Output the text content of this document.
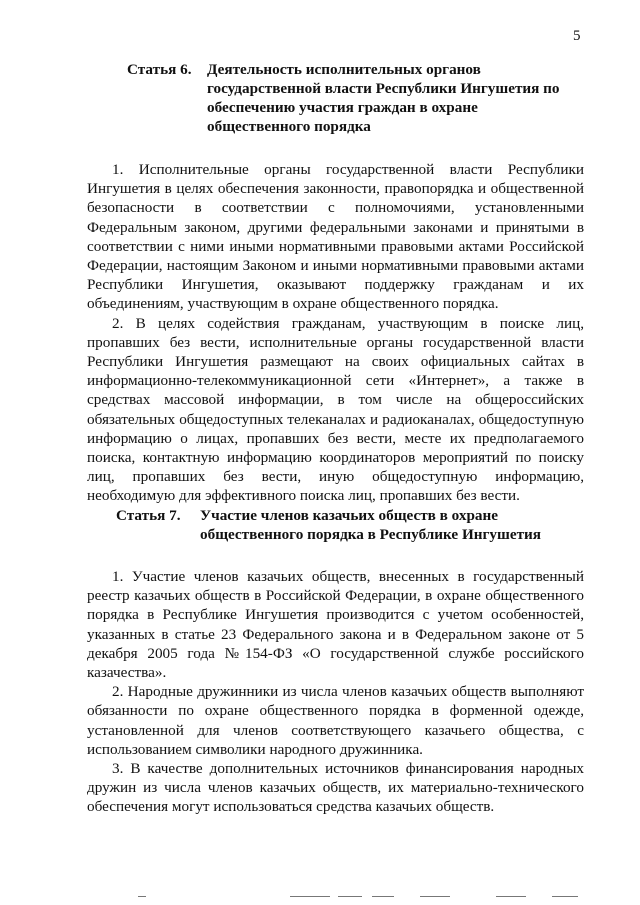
5
Статья 6.	Деятельность исполнительных органов государственной власти Республики Ингушетия по обеспечению участия граждан в охране общественного порядка

1. Исполнительные органы государственной власти Республики Ингушетия в целях обеспечения законности, правопорядка и общественной безопасности в соответствии с полномочиями, установленными Федеральным законом, другими федеральными законами и принятыми в соответствии с ними иными нормативными правовыми актами Российской Федерации, настоящим Законом и иными нормативными правовыми актами Республики Ингушетия, оказывают поддержку гражданам и их объединениям, участвующим в охране общественного порядка.

2. В целях содействия гражданам, участвующим в поиске лиц, пропавших без вести, исполнительные органы государственной власти Республики Ингушетия размещают на своих официальных сайтах в информационно-телекоммуникационной сети «Интернет», а также в средствах массовой информации, в том числе на общероссийских обязательных общедоступных телеканалах и радиоканалах, общедоступную информацию о лицах, пропавших без вести, месте их предполагаемого поиска, контактную информацию координаторов мероприятий по поиску лиц, пропавших без вести, иную общедоступную информацию, необходимую для эффективного поиска лиц, пропавших без вести.

Статья 7.	Участие членов казачьих обществ в охране общественного порядка в Республике Ингушетия

1. Участие членов казачьих обществ, внесенных в государственный реестр казачьих обществ в Российской Федерации, в охране общественного порядка в Республике Ингушетия производится с учетом особенностей, указанных в статье 23 Федерального закона и в Федеральном законе от 5 декабря 2005 года №154-ФЗ «О государственной службе российского казачества».

2. Народные дружинники из числа членов казачьих обществ выполняют обязанности по охране общественного порядка в форменной одежде, установленной для членов соответствующего казачьего общества, с использованием символики народного дружинника.

3. В качестве дополнительных источников финансирования народных дружин из числа членов казачьих обществ, их материально-технического обеспечения могут использоваться средства казачьих обществ.
